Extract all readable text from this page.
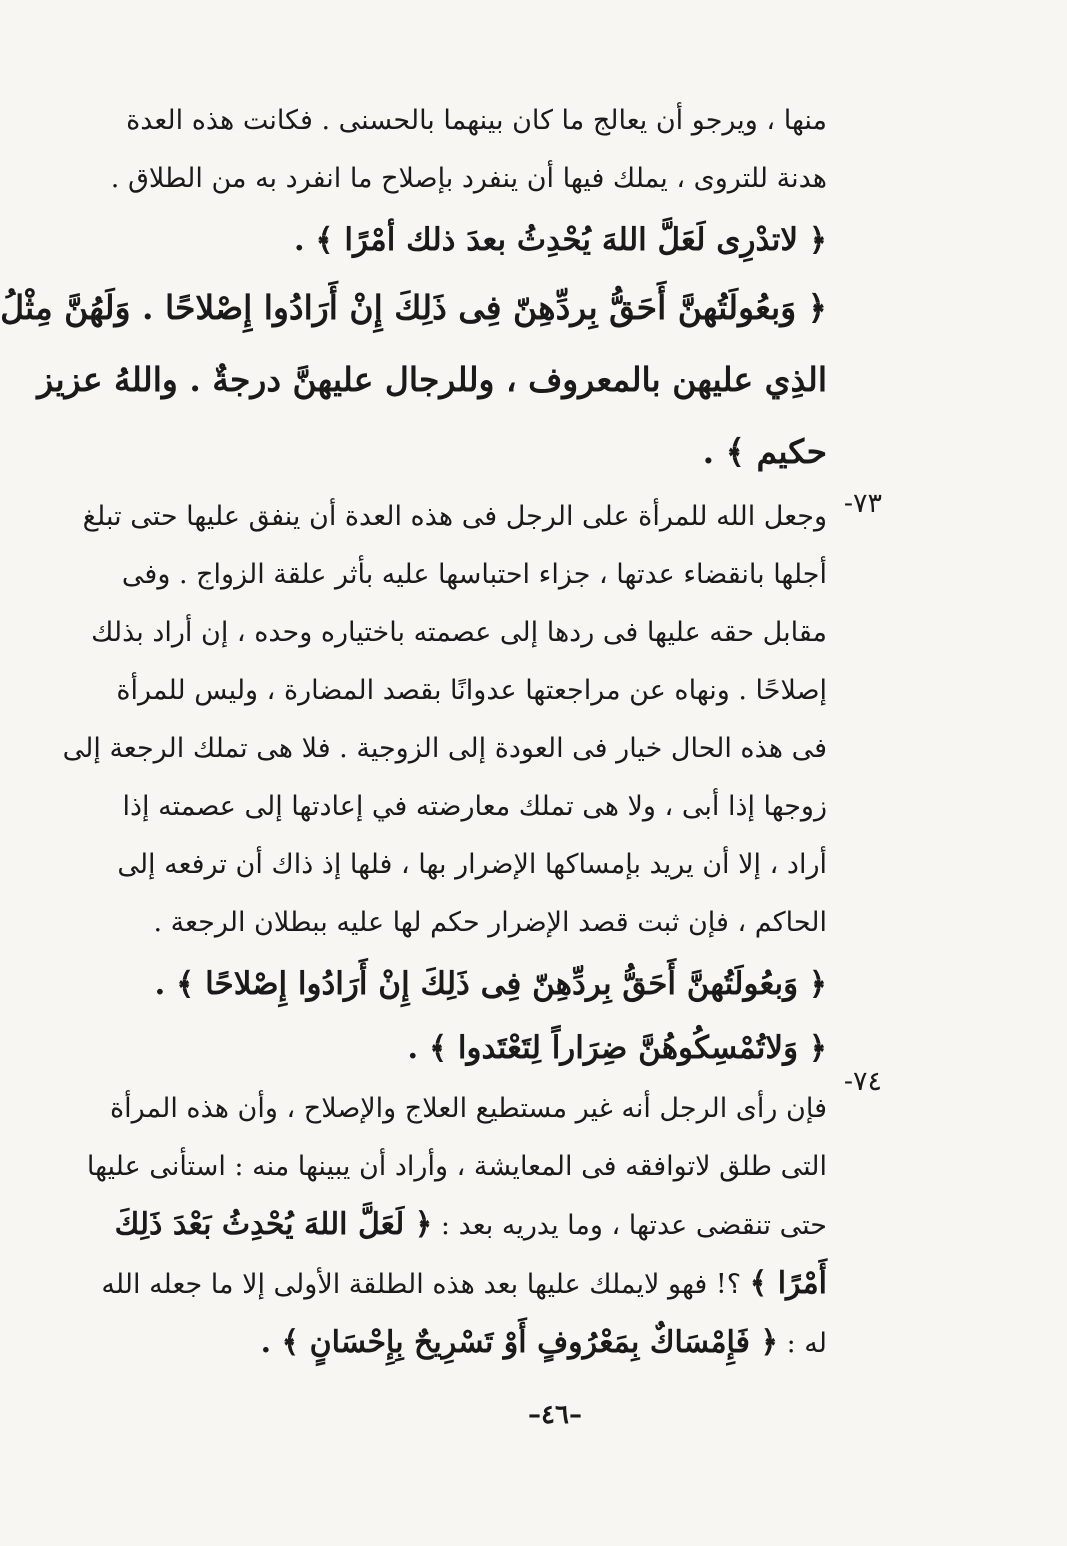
منها ، ويرجو أن يعالج ما كان بينهما بالحسنى . فكانت هذه العدة
هدنة للتروى ، يملك فيها أن ينفرد بإصلاح ما انفرد به من الطلاق .
﴿ لاتدْرِى لَعَلَّ اللهَ يُحْدِثُ بعدَ ذلك أمْرًا ﴾ .
﴿ وَبعُولَتُهنَّ أَحَقُّ بِردِّهِنّ فِى ذَلِكَ إِنْ أَرَادُوا إِصْلاحًا . وَلَهُنَّ مِثْلُ
الذِي عليهن بالمعروف ، وللرجال عليهنَّ درجةٌ . واللهُ عزيز
حكيم ﴾ .
وجعل الله للمرأة على الرجل فى هذه العدة أن ينفق عليها حتى تبلغ
أجلها بانقضاء عدتها ، جزاء احتباسها عليه بأثر علقة الزواج . وفى
مقابل حقه عليها فى ردها إلى عصمته باختياره وحده ، إن أراد بذلك
إصلاحًا . ونهاه عن مراجعتها عدوانًا بقصد المضارة ، وليس للمرأة
فى هذه الحال خيار فى العودة إلى الزوجية . فلا هى تملك الرجعة إلى
زوجها إذا أبى ، ولا هى تملك معارضته في إعادتها إلى عصمته إذا
أراد ، إلا أن يريد بإمساكها الإضرار بها ، فلها إذ ذاك أن ترفعه إلى
الحاكم ، فإن ثبت قصد الإضرار حكم لها عليه ببطلان الرجعة .
﴿ وَبعُولَتُهنَّ أَحَقُّ بِردِّهِنّ فِى ذَلِكَ إِنْ أَرَادُوا إِصْلاحًا ﴾ .
﴿ وَلاتُمْسِكُوهُنَّ ضِرَاراً لِتَعْتَدوا ﴾ .
فإن رأى الرجل أنه غير مستطيع العلاج والإصلاح ، وأن هذه المرأة
التى طلق لاتوافقه فى المعايشة ، وأراد أن يبينها منه : استأنى عليها
حتى تنقضى عدتها ، وما يدريه بعد : ﴿ لَعَلَّ اللهَ يُحْدِثُ بَعْدَ ذَلِكَ
أَمْرًا ﴾ ؟! فهو لايملك عليها بعد هذه الطلقة الأولى إلا ما جعله الله
له : ﴿ فَإِمْسَاكٌ بِمَعْرُوفٍ أَوْ تَسْرِيحٌ بِإِحْسَانٍ ﴾ .
٧٣-
٧٤-
–٤٦–
